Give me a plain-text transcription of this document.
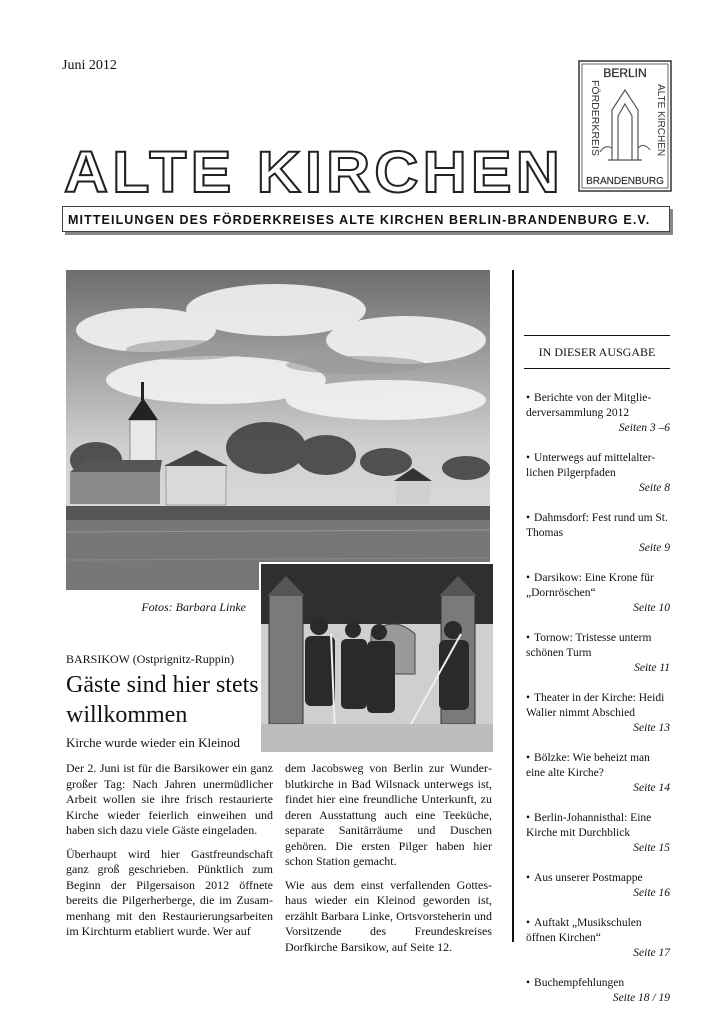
Juni 2012
ALTE KIRCHEN
BERLIN
BRANDENBURG
FÖRDERKREIS	ALTE KIRCHEN
MITTEILUNGEN DES FÖRDERKREISES ALTE KIRCHEN BERLIN-BRANDENBURG E.V.
Fotos: Barbara Linke
BARSIKOW (Ostprignitz-Ruppin)
Gäste sind hier stets willkommen
Kirche wurde wieder ein Kleinod

Der 2. Juni ist für die Barsikower ein ganz großer Tag: Nach Jahren unermüdlicher Arbeit wollen sie ihre frisch restaurierte Kirche wieder feierlich einweihen und haben sich dazu viele Gäste eingeladen.

Überhaupt wird hier Gastfreundschaft ganz groß geschrieben. Pünktlich zum Beginn der Pilgersaison 2012 öffnete bereits die Pilgerherberge, die im Zusammenhang mit den Restaurierungsarbeiten im Kirchturm etabliert wurde. Wer auf

dem Jacobsweg von Berlin zur Wunderblutkirche in Bad Wilsnack unterwegs ist, findet hier eine freundliche Unterkunft, zu deren Ausstattung auch eine Teeküche, separate Sanitärräume und Duschen gehören. Die ersten Pilger haben hier schon Station gemacht.

Wie aus dem einst verfallenden Gotteshaus wieder ein Kleinod geworden ist, erzählt Barbara Linke, Ortsvorsteherin und Vorsitzende des Freundeskreises Dorfkirche Barsikow, auf Seite 12.

IN DIESER AUSGABE
• Berichte von der Mitgliederversammlung 2012
Seiten 3 –6
• Unterwegs auf mittelalterlichen Pilgerpfaden
Seite 8
• Dahmsdorf: Fest rund um St. Thomas
Seite 9
• Darsikow: Eine Krone für „Dornröschen“
Seite 10
• Tornow: Tristesse unterm schönen Turm
Seite 11
• Theater in der Kirche: Heidi Walier nimmt Abschied
Seite 13
• Bölzke: Wie beheizt man eine alte Kirche?
Seite 14
• Berlin-Johannisthal: Eine Kirche mit Durchblick
Seite 15
• Aus unserer Postmappe
Seite 16
• Auftakt „Musikschulen öffnen Kirchen“
Seite 17
• Buchempfehlungen
Seite 18 / 19
